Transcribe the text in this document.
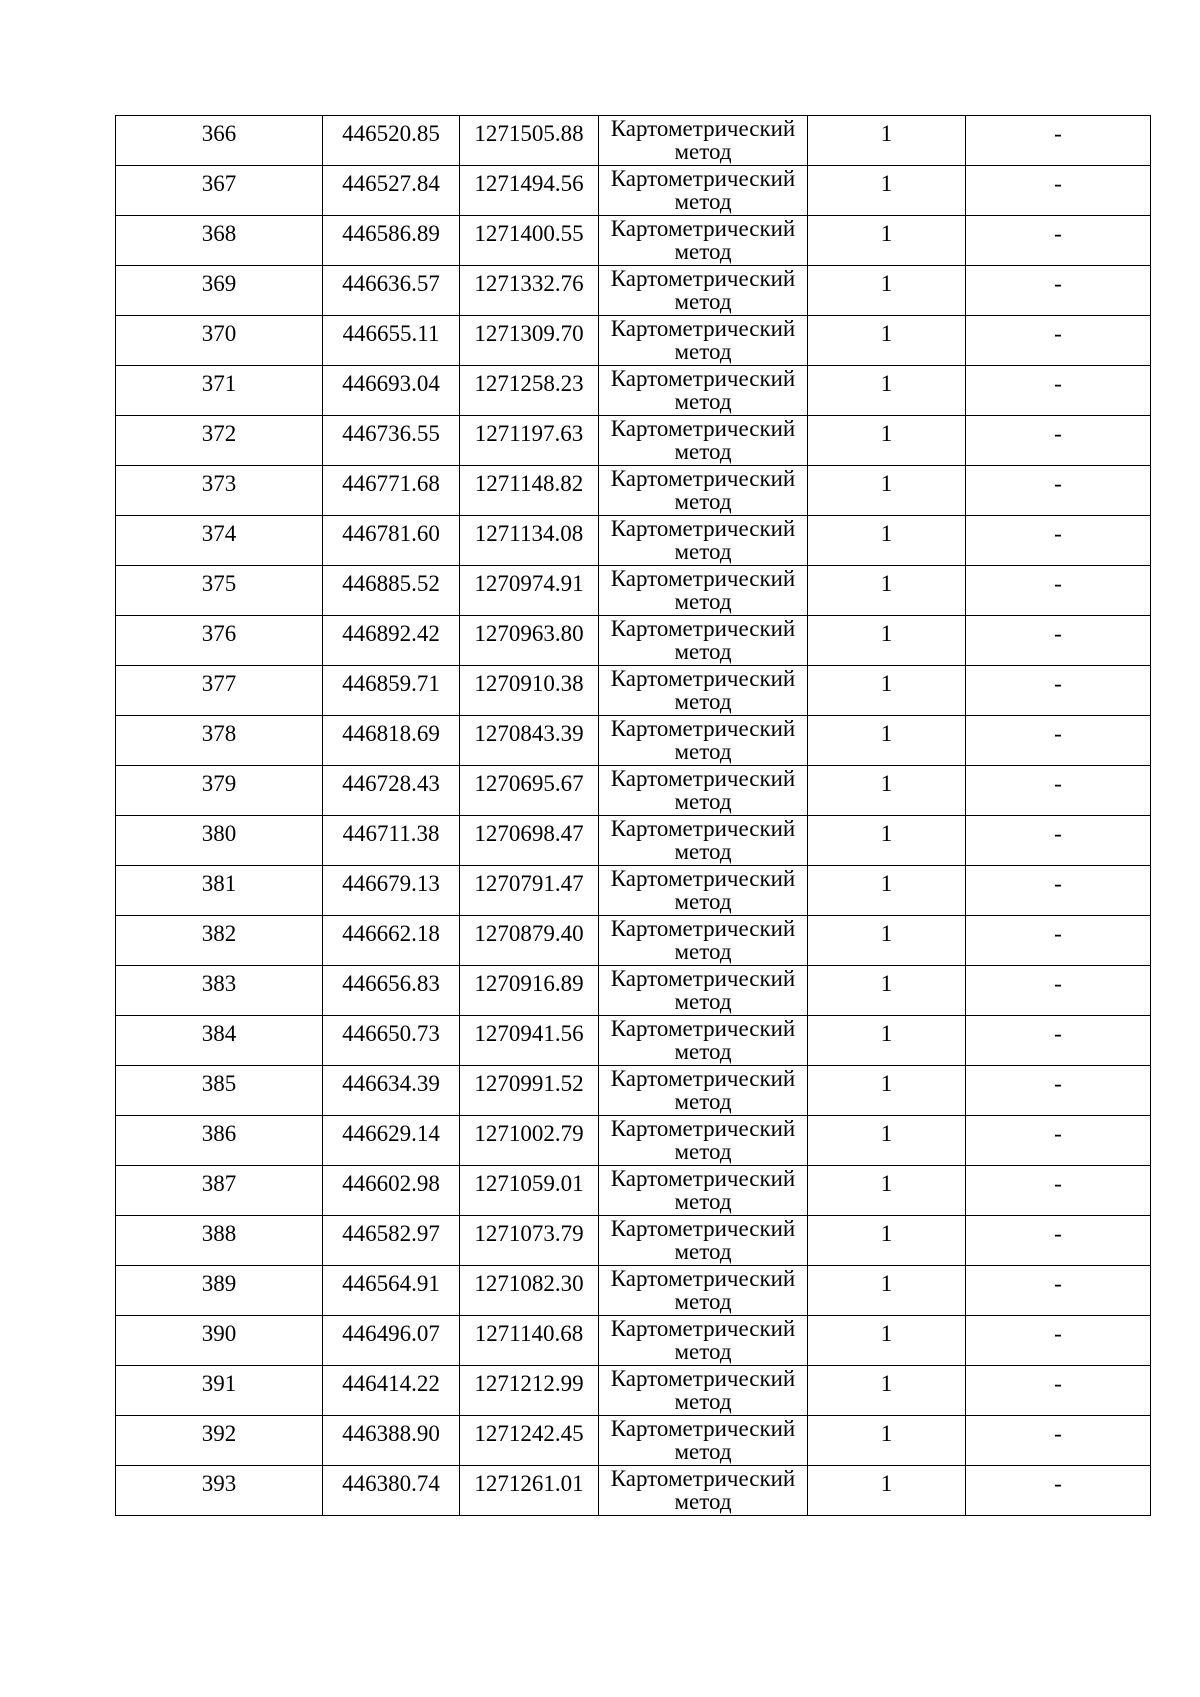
366	446520.85	1271505.88	Картометрический метод	1	-
367	446527.84	1271494.56	Картометрический метод	1	-
368	446586.89	1271400.55	Картометрический метод	1	-
369	446636.57	1271332.76	Картометрический метод	1	-
370	446655.11	1271309.70	Картометрический метод	1	-
371	446693.04	1271258.23	Картометрический метод	1	-
372	446736.55	1271197.63	Картометрический метод	1	-
373	446771.68	1271148.82	Картометрический метод	1	-
374	446781.60	1271134.08	Картометрический метод	1	-
375	446885.52	1270974.91	Картометрический метод	1	-
376	446892.42	1270963.80	Картометрический метод	1	-
377	446859.71	1270910.38	Картометрический метод	1	-
378	446818.69	1270843.39	Картометрический метод	1	-
379	446728.43	1270695.67	Картометрический метод	1	-
380	446711.38	1270698.47	Картометрический метод	1	-
381	446679.13	1270791.47	Картометрический метод	1	-
382	446662.18	1270879.40	Картометрический метод	1	-
383	446656.83	1270916.89	Картометрический метод	1	-
384	446650.73	1270941.56	Картометрический метод	1	-
385	446634.39	1270991.52	Картометрический метод	1	-
386	446629.14	1271002.79	Картометрический метод	1	-
387	446602.98	1271059.01	Картометрический метод	1	-
388	446582.97	1271073.79	Картометрический метод	1	-
389	446564.91	1271082.30	Картометрический метод	1	-
390	446496.07	1271140.68	Картометрический метод	1	-
391	446414.22	1271212.99	Картометрический метод	1	-
392	446388.90	1271242.45	Картометрический метод	1	-
393	446380.74	1271261.01	Картометрический метод	1	-
